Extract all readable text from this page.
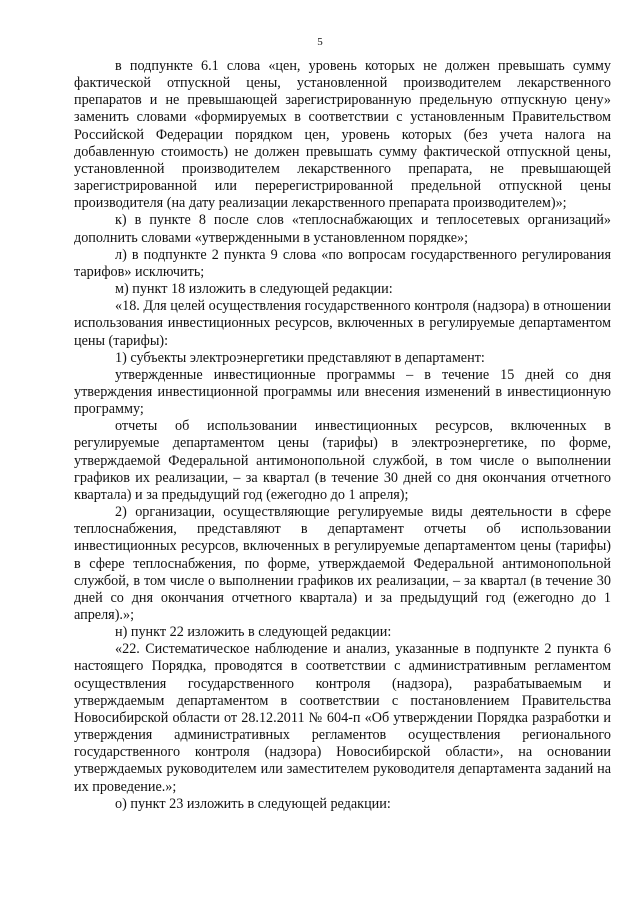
5

в подпункте 6.1 слова «цен, уровень которых не должен превышать сумму фактической отпускной цены, установленной производителем лекарственного препаратов и не превышающей зарегистрированную предельную отпускную цену» заменить словами «формируемых в соответствии с установленным Правительством Российской Федерации порядком цен, уровень которых (без учета налога на добавленную стоимость) не должен превышать сумму фактической отпускной цены, установленной производителем лекарственного препарата, не превышающей зарегистрированной или перерегистрированной предельной отпускной цены производителя (на дату реализации лекарственного препарата производителем)»;

к) в пункте 8 после слов «теплоснабжающих и теплосетевых организаций» дополнить словами «утвержденными в установленном порядке»;

л) в подпункте 2 пункта 9 слова «по вопросам государственного регулирования тарифов» исключить;

м) пункт 18 изложить в следующей редакции:

«18. Для целей осуществления государственного контроля (надзора) в отношении использования инвестиционных ресурсов, включенных в регулируемые департаментом цены (тарифы):

1) субъекты электроэнергетики представляют в департамент:

утвержденные инвестиционные программы – в течение 15 дней со дня утверждения инвестиционной программы или внесения изменений в инвестиционную программу;

отчеты об использовании инвестиционных ресурсов, включенных в регулируемые департаментом цены (тарифы) в электроэнергетике, по форме, утверждаемой Федеральной антимонопольной службой, в том числе о выполнении графиков их реализации, – за квартал (в течение 30 дней со дня окончания отчетного квартала) и за предыдущий год (ежегодно до 1 апреля);

2) организации, осуществляющие регулируемые виды деятельности в сфере теплоснабжения, представляют в департамент отчеты об использовании инвестиционных ресурсов, включенных в регулируемые департаментом цены (тарифы) в сфере теплоснабжения, по форме, утверждаемой Федеральной антимонопольной службой, в том числе о выполнении графиков их реализации, – за квартал (в течение 30 дней со дня окончания отчетного квартала) и за предыдущий год (ежегодно до 1 апреля).»;

н) пункт 22 изложить в следующей редакции:

«22. Систематическое наблюдение и анализ, указанные в подпункте 2 пункта 6 настоящего Порядка, проводятся в соответствии с административным регламентом осуществления государственного контроля (надзора), разрабатываемым и утверждаемым департаментом в соответствии с постановлением Правительства Новосибирской области от 28.12.2011 № 604-п «Об утверждении Порядка разработки и утверждения административных регламентов осуществления регионального государственного контроля (надзора) Новосибирской области», на основании утверждаемых руководителем или заместителем руководителя департамента заданий на их проведение.»;

о) пункт 23 изложить в следующей редакции:
